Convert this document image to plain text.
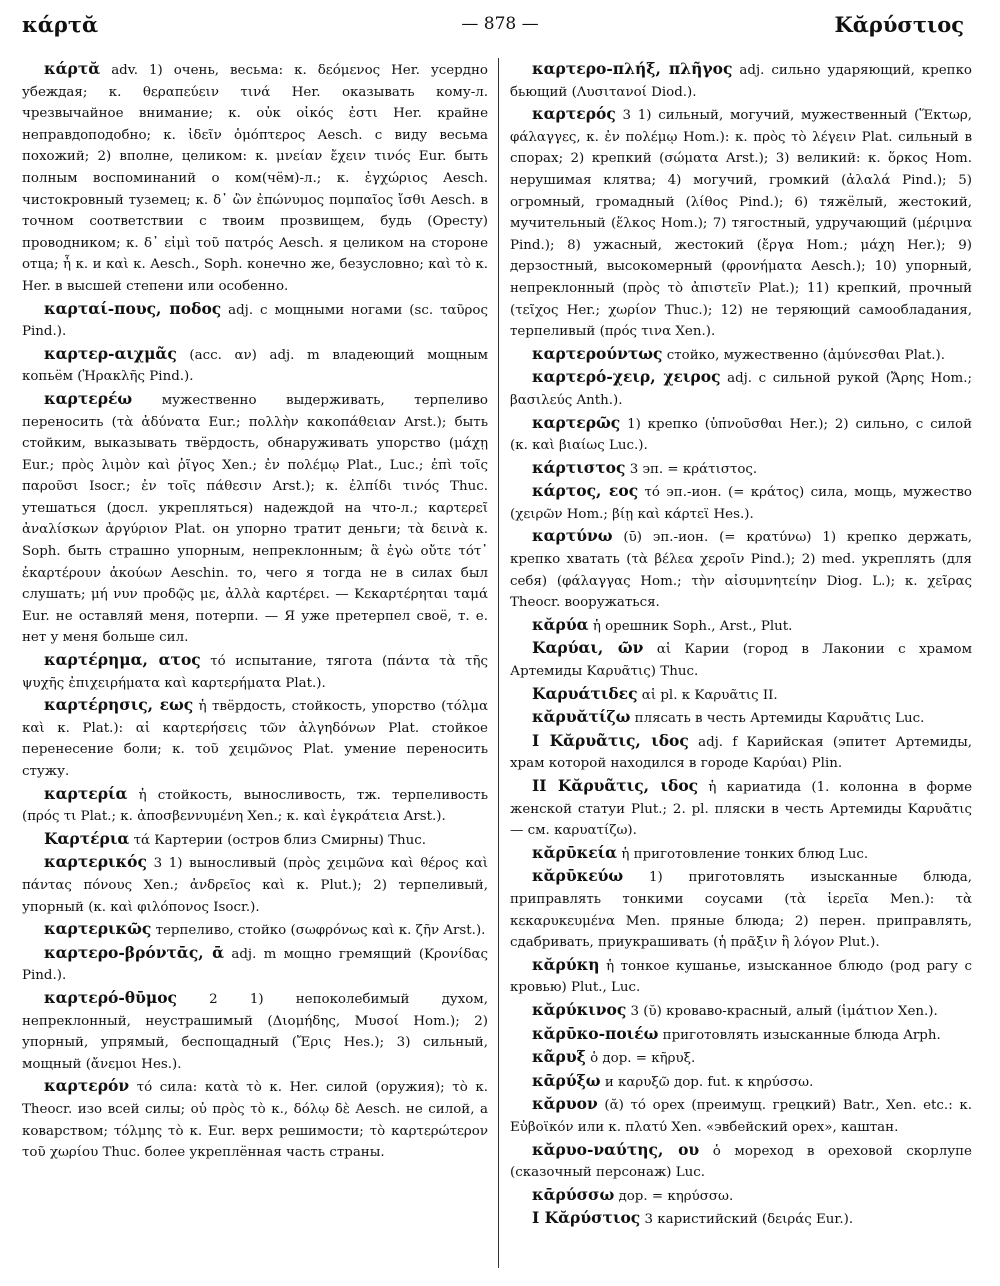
κάρτᾰ	— 878 —	Κᾰρύστιος

κάρτᾰ adv. 1) очень, весьма: κ. δεόμενος Her. усердно убеждая; κ. θεραπεύειν τινά Her. оказывать кому-л. чрезвычайное внимание; κ. οὐκ οἰκός ἐστι Her. крайне неправдоподобно; κ. ἰδεῖν ὁμόπτερος Aesch. с виду весьма похожий; 2) вполне, целиком: κ. μνείαν ἔχειν τινός Eur. быть полным воспоминаний о ком(чём)-л.; κ. ἐγχώριος Aesch. чистокровный туземец; κ. δ᾽ ὢν ἐπώνυμος πομπαῖος ἴσθι Aesch. в точном соответствии с твоим прозвищем, будь (Оресту) проводником; κ. δ᾽ εἰμὶ τοῦ πατρός Aesch. я целиком на стороне отца; ἦ κ. и καὶ κ. Aesch., Soph. конечно же, безусловно; καὶ τὸ κ. Her. в высшей степени или особенно.

καρταί-πους, ποδος adj. с мощными ногами (sc. ταῦρος Pind.).

καρτερ-αιχμᾶς (acc. αν) adj. m владеющий мощным копьём (Ἡρακλῆς Pind.).

καρτερέω мужественно выдерживать, терпеливо переносить (τὰ ἀδύνατα Eur.; πολλὴν κακοπάθειαν Arst.); быть стойким, выказывать твёрдость, обнаруживать упорство (μάχῃ Eur.; πρὸς λιμὸν καὶ ῥῖγος Xen.; ἐν πολέμῳ Plat., Luc.; ἐπὶ τοῖς παροῦσι Isocr.; ἐν τοῖς πάθεσιν Arst.); κ. ἐλπίδι τινός Thuc. утешаться (досл. укрепляться) надеждой на что-л.; καρτερεῖ ἀναλίσκων ἀργύριον Plat. он упорно тратит деньги; τὰ δεινὰ κ. Soph. быть страшно упорным, непреклонным; ἃ ἐγὼ οὔτε τότ᾽ ἐκαρτέρουν ἀκούων Aeschin. то, чего я тогда не в силах был слушать; μή νυν προδῷς με, ἀλλὰ καρτέρει. — Κεκαρτέρηται ταμά Eur. не оставляй меня, потерпи. — Я уже претерпел своё, т. е. нет у меня больше сил.

καρτέρημα, ατος τό испытание, тягота (πάντα τὰ τῆς ψυχῆς ἐπιχειρήματα καὶ καρτερήματα Plat.).

καρτέρησις, εως ἡ твёрдость, стойкость, упорство (τόλμα καὶ κ. Plat.): αἱ καρτερήσεις τῶν ἀλγηδόνων Plat. стойкое перенесение боли; κ. τοῦ χειμῶνος Plat. умение переносить стужу.

καρτερία ἡ стойкость, выносливость, тж. терпеливость (πρός τι Plat.; κ. ἀποσβεννυμένη Xen.; κ. καὶ ἐγκράτεια Arst.).

Καρτέρια τά Картерии (остров близ Смирны) Thuc.

καρτερικός 3 1) выносливый (πρὸς χειμῶνα καὶ θέρος καὶ πάντας πόνους Xen.; ἀνδρεῖος καὶ κ. Plut.); 2) терпеливый, упорный (κ. καὶ φιλόπονος Isocr.).

καρτερικῶς терпеливо, стойко (σωφρόνως καὶ κ. ζῆν Arst.).

καρτερο-βρόντᾱς, ᾱ adj. m мощно гремящий (Κρονίδας Pind.).

καρτερό-θῡμος 2 1) непоколебимый духом, непреклонный, неустрашимый (Διομήδης, Μυσοί Hom.); 2) упорный, упрямый, беспощадный (Ἔρις Hes.); 3) сильный, мощный (ἄνεμοι Hes.).

καρτερόν τό сила: κατὰ τὸ κ. Her. силой (оружия); τὸ κ. Theocr. изо всей силы; οὐ πρὸς τὸ κ., δόλῳ δὲ Aesch. не силой, а коварством; τόλμης τὸ κ. Eur. верх решимости; τὸ καρτερώτερον τοῦ χωρίου Thuc. более укреплённая часть страны.

καρτερο-πλήξ, πλῆγος adj. сильно ударяющий, крепко бьющий (Λυσιτανοί Diod.).

καρτερός 3 1) сильный, могучий, мужественный (Ἕκτωρ, φάλαγγες, κ. ἐν πολέμῳ Hom.): κ. πρὸς τὸ λέγειν Plat. сильный в спорах; 2) крепкий (σώματα Arst.); 3) великий: κ. ὅρκος Hom. нерушимая клятва; 4) могучий, громкий (ἀλαλά Pind.); 5) огромный, громадный (λίθος Pind.); 6) тяжёлый, жестокий, мучительный (ἕλκος Hom.); 7) тягостный, удручающий (μέριμνα Pind.); 8) ужасный, жестокий (ἔργα Hom.; μάχη Her.); 9) дерзостный, высокомерный (φρονήματα Aesch.); 10) упорный, непреклонный (πρὸς τὸ ἀπιστεῖν Plat.); 11) крепкий, прочный (τεῖχος Her.; χωρίον Thuc.); 12) не теряющий самообладания, терпеливый (πρός τινα Xen.).

καρτερούντως стойко, мужественно (ἀμύνεσθαι Plat.).

καρτερό-χειρ, χειρος adj. с сильной рукой (Ἄρης Hom.; βασιλεύς Anth.).

καρτερῶς 1) крепко (ὑπνοῦσθαι Her.); 2) сильно, с силой (κ. καὶ βιαίως Luc.).

κάρτιστος 3 эп. = κράτιστος.

κάρτος, εος τό эп.-ион. (= κράτος) сила, мощь, мужество (χειρῶν Hom.; βίῃ καὶ κάρτεϊ Hes.).

καρτύνω (ῡ) эп.-ион. (= κρατύνω) 1) крепко держать, крепко хватать (τὰ βέλεα χεροῖν Pind.); 2) med. укреплять (для себя) (φάλαγγας Hom.; τὴν αἰσυμνητείην Diog. L.); κ. χεῖρας Theocr. вооружаться.

κᾰρύα ἡ орешник Soph., Arst., Plut.

Καρύαι, ῶν αἱ Карии (город в Лаконии с храмом Артемиды Καρυᾶτις) Thuc.

Καρυάτιδες αἱ pl. к Καρυᾶτις II.

κᾰρυᾰτίζω плясать в честь Артемиды Καρυᾶτις Luc.

I Κᾰρυᾶτις, ιδος adj. f Карийская (эпитет Артемиды, храм которой находился в городе Καρύαι) Plin.

II Κᾰρυᾶτις, ιδος ἡ кариатида (1. колонна в форме женской статуи Plut.; 2. pl. пляски в честь Артемиды Καρυᾶτις — см. καρυατίζω).

κᾰρῡκεία ἡ приготовление тонких блюд Luc.

κᾰρῡκεύω 1) приготовлять изысканные блюда, приправлять тонкими соусами (τὰ ἱερεῖα Men.): τὰ κεκαρυκευμένα Men. пряные блюда; 2) перен. приправлять, сдабривать, приукрашивать (ἡ πρᾶξιν ἢ λόγον Plut.).

κᾰρύκη ἡ тонкое кушанье, изысканное блюдо (род рагу с кровью) Plut., Luc.

κᾰρύκινος 3 (ῠ) кроваво-красный, алый (ἱμάτιον Xen.).

κᾰρῡκο-ποιέω приготовлять изысканные блюда Arph.

κᾶρυξ ὁ дор. = κῆρυξ.

κᾱρύξω и καρυξῶ дор. fut. к κηρύσσω.

κᾰρυον (ᾰ) τό орех (преимущ. грецкий) Batr., Xen. etc.: κ. Εὐβοϊκόν или κ. πλατύ Xen. «эвбейский орех», каштан.

κᾰρυο-ναύτης, ου ὁ мореход в ореховой скорлупе (сказочный персонаж) Luc.

κᾱρύσσω дор. = κηρύσσω.

I Κᾰρύστιος 3 каристийский (δειράς Eur.).
